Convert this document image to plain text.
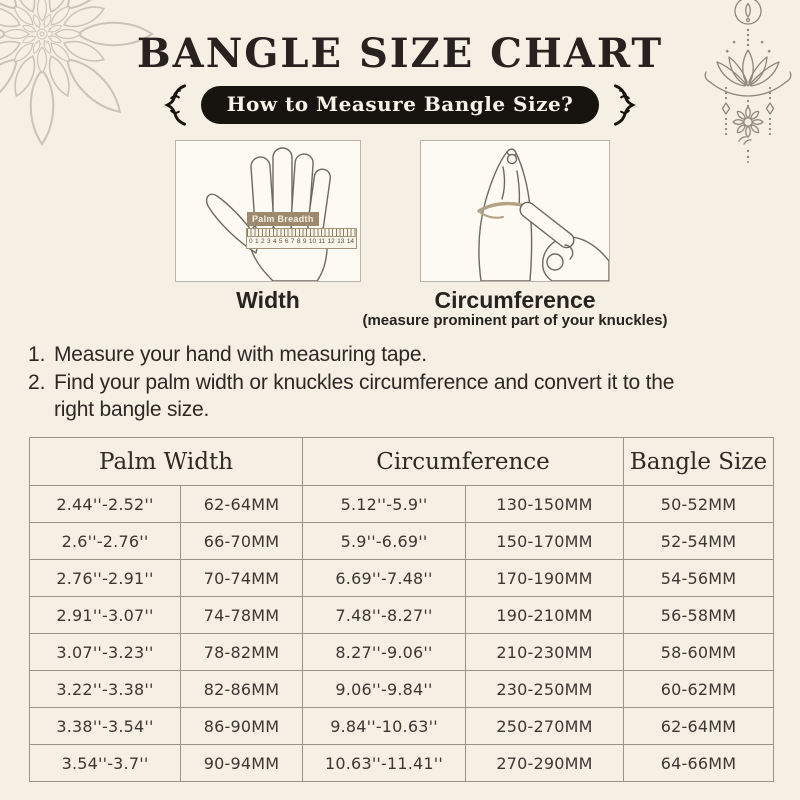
BANGLE SIZE CHART
How to Measure Bangle Size?
Palm Breadth
0 1 2 3 4 5 6 7 8 9 10 11 12 13 14
Width	Circumference
(measure prominent part of your knuckles)
1. Measure your hand with measuring tape.
2. Find your palm width or knuckles circumference and convert it to the
right bangle size.
Palm Width		Circumference		Bangle Size
2.44''-2.52''	62-64MM	5.12''-5.9''	130-150MM	50-52MM
2.6''-2.76''	66-70MM	5.9''-6.69''	150-170MM	52-54MM
2.76''-2.91''	70-74MM	6.69''-7.48''	170-190MM	54-56MM
2.91''-3.07''	74-78MM	7.48''-8.27''	190-210MM	56-58MM
3.07''-3.23''	78-82MM	8.27''-9.06''	210-230MM	58-60MM
3.22''-3.38''	82-86MM	9.06''-9.84''	230-250MM	60-62MM
3.38''-3.54''	86-90MM	9.84''-10.63''	250-270MM	62-64MM
3.54''-3.7''	90-94MM	10.63''-11.41''	270-290MM	64-66MM
